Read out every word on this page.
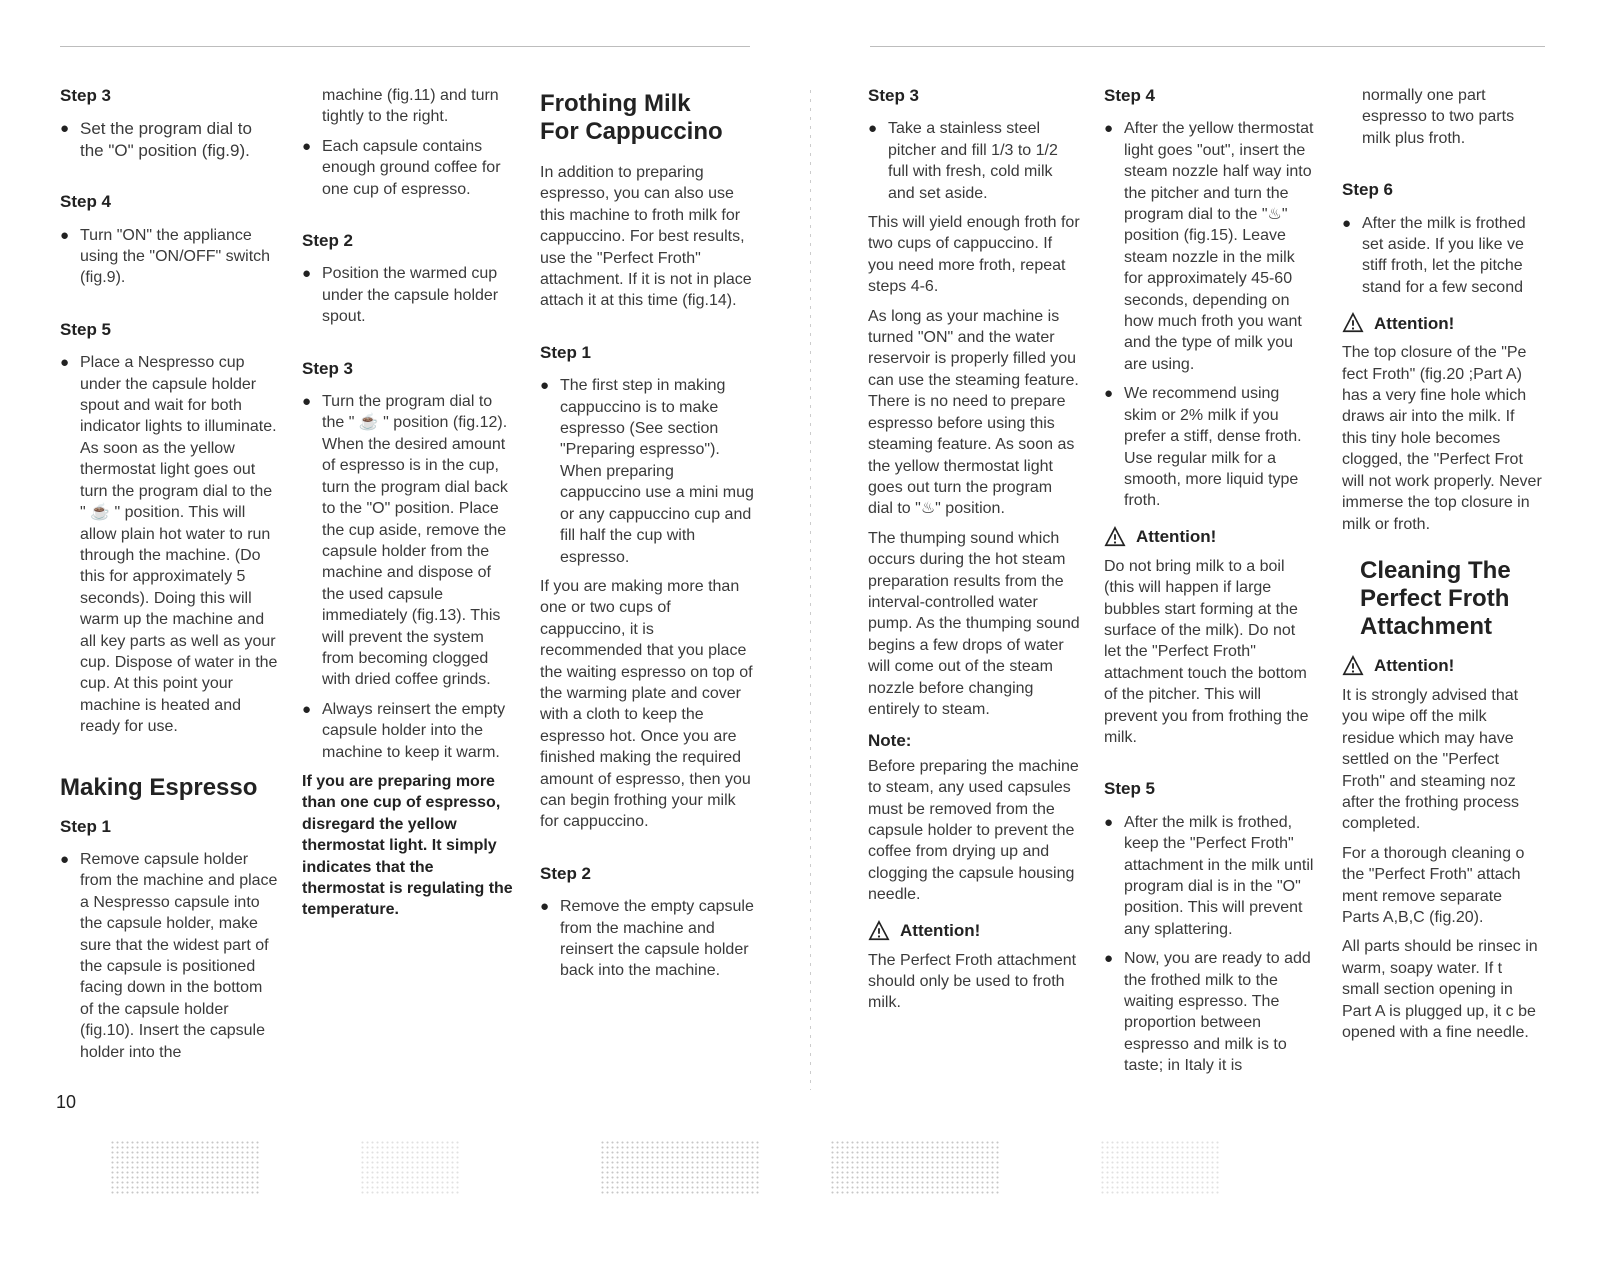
Step 3
● Set the program dial to the "O" position (fig.9).
Step 4
● Turn "ON" the appliance using the "ON/OFF" switch (fig.9).
Step 5
● Place a Nespresso cup under the capsule holder spout and wait for both indicator lights to illuminate. As soon as the yellow thermostat light goes out turn the program dial to the " ☕ " position. This will allow plain hot water to run through the machine. (Do this for approximately 5 seconds). Doing this will warm up the machine and all key parts as well as your cup. Dispose of water in the cup. At this point your machine is heated and ready for use.
Making Espresso
Step 1
● Remove capsule holder from the machine and place a Nespresso capsule into the capsule holder, make sure that the widest part of the capsule is positioned facing down in the bottom of the capsule holder (fig.10). Insert the capsule holder into the
machine (fig.11) and turn tightly to the right.
● Each capsule contains enough ground coffee for one cup of espresso.
Step 2
● Position the warmed cup under the capsule holder spout.
Step 3
● Turn the program dial to the " ☕ " position (fig.12). When the desired amount of espresso is in the cup, turn the program dial back to the "O" position. Place the cup aside, remove the capsule holder from the machine and dispose of the used capsule immediately (fig.13). This will prevent the system from becoming clogged with dried coffee grinds.
● Always reinsert the empty capsule holder into the machine to keep it warm.
If you are preparing more than one cup of espresso, disregard the yellow thermostat light. It simply indicates that the thermostat is regulating the temperature.
Frothing Milk
For Cappuccino
In addition to preparing espresso, you can also use this machine to froth milk for cappuccino. For best results, use the "Perfect Froth" attachment. If it is not in place attach it at this time (fig.14).
Step 1
● The first step in making cappuccino is to make espresso (See section "Preparing espresso"). When preparing cappuccino use a mini mug or any cappuccino cup and fill half the cup with espresso.
If you are making more than one or two cups of cappuccino, it is recommended that you place the waiting espresso on top of the warming plate and cover with a cloth to keep the espresso hot. Once you are finished making the required amount of espresso, then you can begin frothing your milk for cappuccino.
Step 2
● Remove the empty capsule from the machine and reinsert the capsule holder back into the machine.
Step 3
● Take a stainless steel pitcher and fill 1/3 to 1/2 full with fresh, cold milk and set aside.
This will yield enough froth for two cups of cappuccino. If you need more froth, repeat steps 4-6.
As long as your machine is turned "ON" and the water reservoir is properly filled you can use the steaming feature. There is no need to prepare espresso before using this steaming feature. As soon as the yellow thermostat light goes out turn the program dial to "♨" position.
The thumping sound which occurs during the hot steam preparation results from the interval-controlled water pump. As the thumping sound begins a few drops of water will come out of the steam nozzle before changing entirely to steam.
Note:
Before preparing the machine to steam, any used capsules must be removed from the capsule holder to prevent the coffee from drying up and clogging the capsule housing needle.
Attention!
The Perfect Froth attachment should only be used to froth milk.
Step 4
● After the yellow thermostat light goes "out", insert the steam nozzle half way into the pitcher and turn the program dial to the "♨" position (fig.15). Leave steam nozzle in the milk for approximately 45-60 seconds, depending on how much froth you want and the type of milk you are using.
● We recommend using skim or 2% milk if you prefer a stiff, dense froth. Use regular milk for a smooth, more liquid type froth.
Attention!
Do not bring milk to a boil (this will happen if large bubbles start forming at the surface of the milk). Do not let the "Perfect Froth" attachment touch the bottom of the pitcher. This will prevent you from frothing the milk.
Step 5
● After the milk is frothed, keep the "Perfect Froth" attachment in the milk until program dial is in the "O" position. This will prevent any splattering.
● Now, you are ready to add the frothed milk to the waiting espresso. The proportion between espresso and milk is to taste; in Italy it is
normally one part espresso to two parts milk plus froth.
Step 6
● After the milk is frothed set aside. If you like ve stiff froth, let the pitche stand for a few second
Attention!
The top closure of the "Pe fect Froth" (fig.20 ;Part A) has a very fine hole which draws air into the milk. If this tiny hole becomes clogged, the "Perfect Frot will not work properly. Never immerse the top closure in milk or froth.
Cleaning The
Perfect Froth
Attachment
Attention!
It is strongly advised that you wipe off the milk residue which may have settled on the "Perfect Froth" and steaming noz after the frothing process completed.
For a thorough cleaning o the "Perfect Froth" attach ment remove separate Parts A,B,C (fig.20).
All parts should be rinsec in warm, soapy water. If t small section opening in Part A is plugged up, it c be opened with a fine needle.
10
